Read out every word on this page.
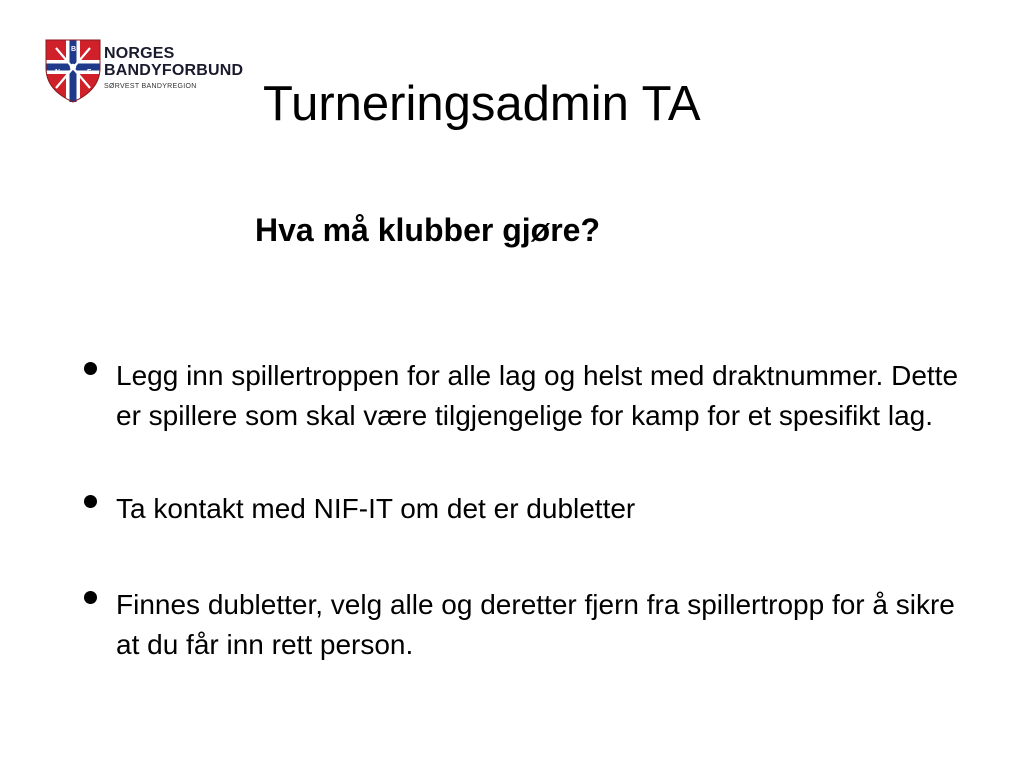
N
B
F
NORGES
BANDYFORBUND
SØRVEST BANDYREGION	Turneringsadmin TA
Hva må klubber gjøre?
Legg inn spillertroppen for alle lag og helst med draktnummer. Dette er spillere som skal være tilgjengelige for kamp for et spesifikt lag.
Ta kontakt med NIF-IT om det er dubletter
Finnes dubletter, velg alle og deretter fjern fra spillertropp for å sikre at du får inn rett person.
